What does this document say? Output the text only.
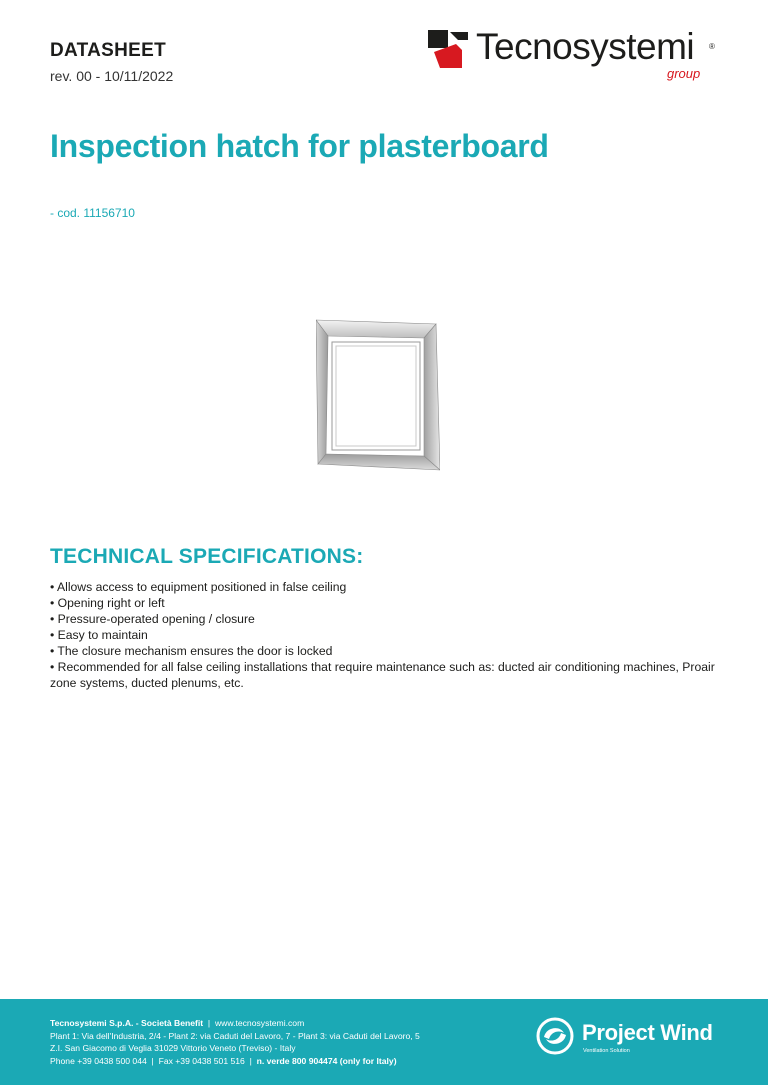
DATASHEET
rev. 00 - 10/11/2022
Tecnosystemi ®
group
Inspection hatch for plasterboard
- cod. 11156710
TECHNICAL SPECIFICATIONS:
• Allows access to equipment positioned in false ceiling
• Opening right or left
• Pressure-operated opening / closure
• Easy to maintain
• The closure mechanism ensures the door is locked
• Recommended for all false ceiling installations that require maintenance such as: ducted air conditioning machines, Proair zone systems, ducted plenums, etc.
Tecnosystemi S.p.A. - Società Benefit  |  www.tecnosystemi.com
Plant 1: Via dell'Industria, 2/4 - Plant 2: via Caduti del Lavoro, 7 - Plant 3: via Caduti del Lavoro, 5
Z.I. San Giacomo di Veglia 31029 Vittorio Veneto (Treviso) - Italy
Phone +39 0438 500 044  |  Fax +39 0438 501 516  |  n. verde 800 904474 (only for Italy)
Project Wind
Ventilation Solution
